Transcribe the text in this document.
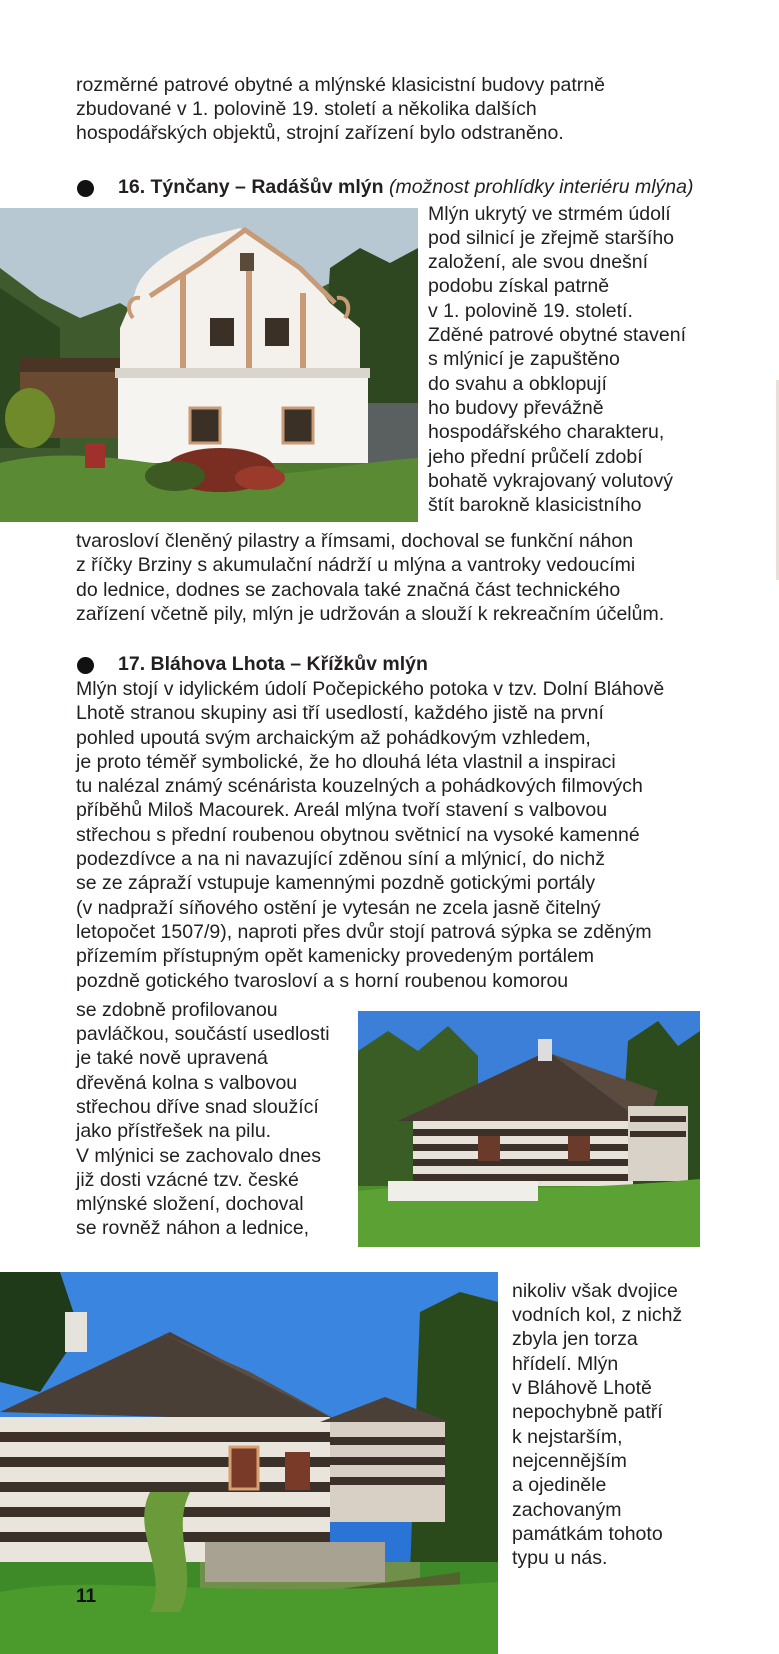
rozměrné patrové obytné a mlýnské klasicistní budovy patrně
zbudované v 1. polovině 19. století a několika dalších
hospodářských objektů, strojní zařízení bylo odstraněno.
16. Týnčany – Radášův mlýn (možnost prohlídky interiéru mlýna)
Mlýn ukrytý ve strmém údolí
pod silnicí je zřejmě staršího
založení, ale svou dnešní
podobu získal patrně
v 1. polovině 19. století.
Zděné patrové obytné stavení
s mlýnicí je zapuštěno
do svahu a obklopují
ho budovy převážně
hospodářského charakteru,
jeho přední průčelí zdobí
bohatě vykrajovaný volutový
štít barokně klasicistního
tvarosloví členěný pilastry a římsami, dochoval se funkční náhon
z říčky Brziny s akumulační nádrží u mlýna a vantroky vedoucími
do lednice, dodnes se zachovala také značná část technického
zařízení včetně pily, mlýn je udržován a slouží k rekreačním účelům.
17. Bláhova Lhota – Křížkův mlýn
Mlýn stojí v idylickém údolí Počepického potoka v tzv. Dolní Bláhově
Lhotě stranou skupiny asi tří usedlostí, každého jistě na první
pohled upoutá svým archaickým až pohádkovým vzhledem,
je proto téměř symbolické, že ho dlouhá léta vlastnil a inspiraci
tu nalézal známý scénárista kouzelných a pohádkových filmových
příběhů Miloš Macourek. Areál mlýna tvoří stavení s valbovou
střechou s přední roubenou obytnou světnicí na vysoké kamenné
podezdívce a na ni navazující zděnou síní a mlýnicí, do nichž
se ze zápraží vstupuje kamennými pozdně gotickými portály
(v nadpraží síňového ostění je vytesán ne zcela jasně čitelný
letopočet 1507/9), naproti přes dvůr stojí patrová sýpka se zděným
přízemím přístupným opět kamenicky provedeným portálem
pozdně gotického tvarosloví a s horní roubenou komorou
se zdobně profilovanou
pavláčkou, součástí usedlosti
je také nově upravená
dřevěná kolna s valbovou
střechou dříve snad sloužící
jako přístřešek na pilu.
V mlýnici se zachovalo dnes
již dosti vzácné tzv. české
mlýnské složení, dochoval
se rovněž náhon a lednice,
nikoliv však dvojice
vodních kol, z nichž
zbyla jen torza
hřídelí. Mlýn
v Bláhově Lhotě
nepochybně patří
k nejstarším,
nejcennějším
a ojediněle
zachovaným
památkám tohoto
typu u nás.
11
